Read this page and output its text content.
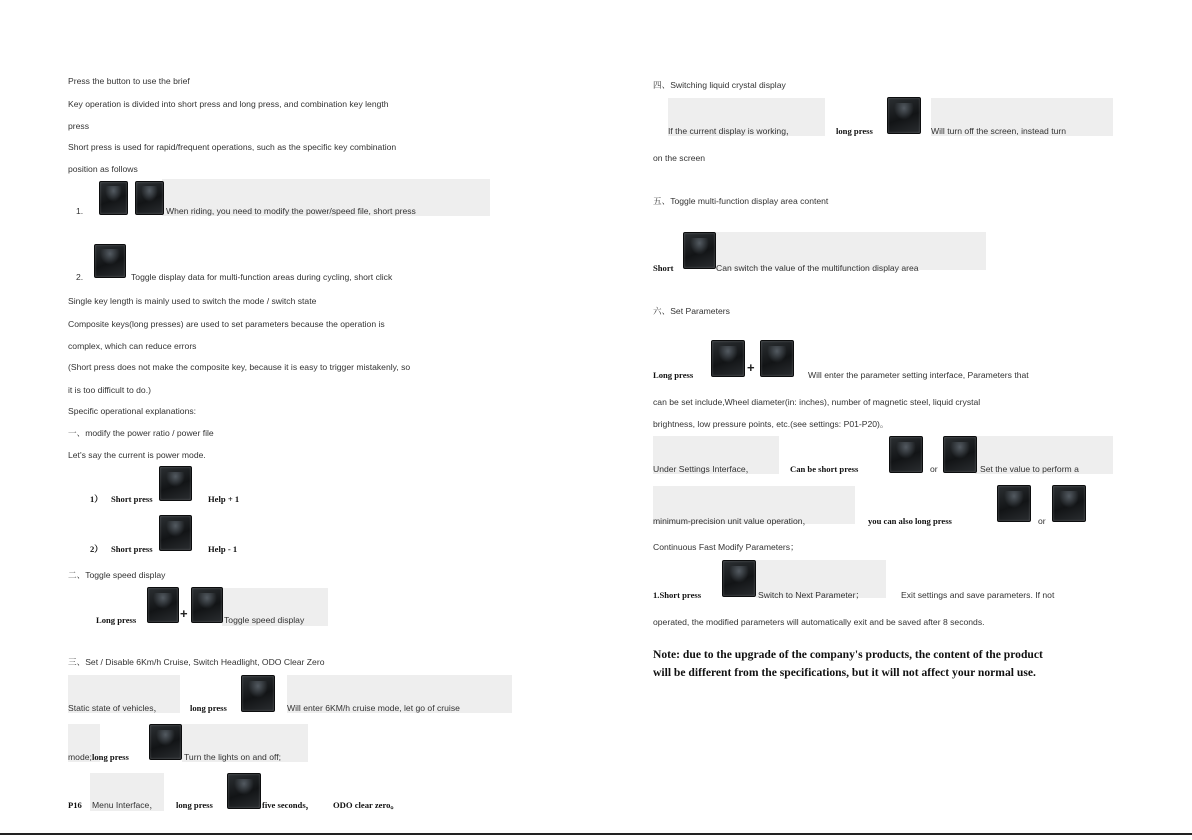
Press the button to use the brief
Key operation is divided into short press and long press, and combination key length
press
Short press is used for rapid/frequent operations, such as the specific key combination
position as follows
1.	When riding, you need to modify the power/speed file, short press
2.	Toggle display data for multi-function areas during cycling, short click
Single key length is mainly used to switch the mode / switch state
Composite keys(long presses) are used to set parameters because the operation is
complex, which can reduce errors
(Short press does not make the composite key, because it is easy to trigger mistakenly, so
it is too difficult to do.)
Specific operational explanations:
一、modify the power ratio / power file
Let's say the current is power mode.
1） Short press	Help + 1
2） Short press	Help - 1
二、Toggle speed display
Long press	+	Toggle speed display
三、Set / Disable 6Km/h Cruise, Switch Headlight, ODO Clear Zero
Static state of vehicles，	long press	Will enter 6KM/h cruise mode, let go of cruise
mode; long press	Turn the lights on and off;
P16 Menu Interface， long press	five seconds， ODO clear zero。
四、Switching liquid crystal display
If the current display is working，	long press	Will turn off the screen, instead turn
on the screen
五、Toggle multi-function display area content
Short	Can switch the value of the multifunction display area
六、Set Parameters
Long press	+	Will enter the parameter setting interface, Parameters that
can be set include,Wheel diameter(in: inches), number of magnetic steel, liquid crystal
brightness, low pressure points, etc.(see settings: P01-P20)。
Under Settings Interface，	Can be short press	or	Set the value to perform a
minimum-precision unit value operation，	you can also long press	or
Continuous Fast Modify Parameters；
1.Short press	Switch to Next Parameter；	Exit settings and save parameters. If not
operated, the modified parameters will automatically exit and be saved after 8 seconds.
Note: due to the upgrade of the company's products, the content of the product
will be different from the specifications, but it will not affect your normal use.
